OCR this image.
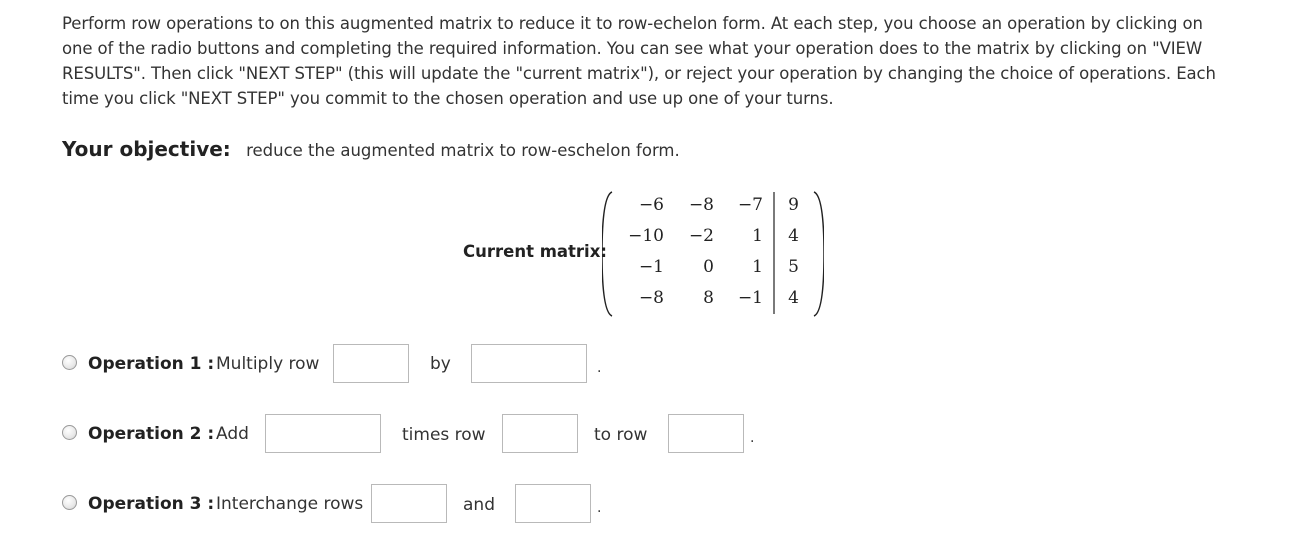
Perform row operations to on this augmented matrix to reduce it to row-echelon form. At each step, you choose an operation by clicking on one of the radio buttons and completing the required information. You can see what your operation does to the matrix by clicking on "VIEW RESULTS". Then click "NEXT STEP" (this will update the "current matrix"), or reject your operation by changing the choice of operations. Each time you click "NEXT STEP" you commit to the chosen operation and use up one of your turns.
Your objective: reduce the augmented matrix to row-eschelon form.
Current matrix:
−6	−8	−7	9
−10	−2	1	4
−1	0	1	5
−8	8	−1	4
Operation 1 : Multiply row	by	.
Operation 2 : Add	times row	to row	.
Operation 3 : Interchange rows	and	.
